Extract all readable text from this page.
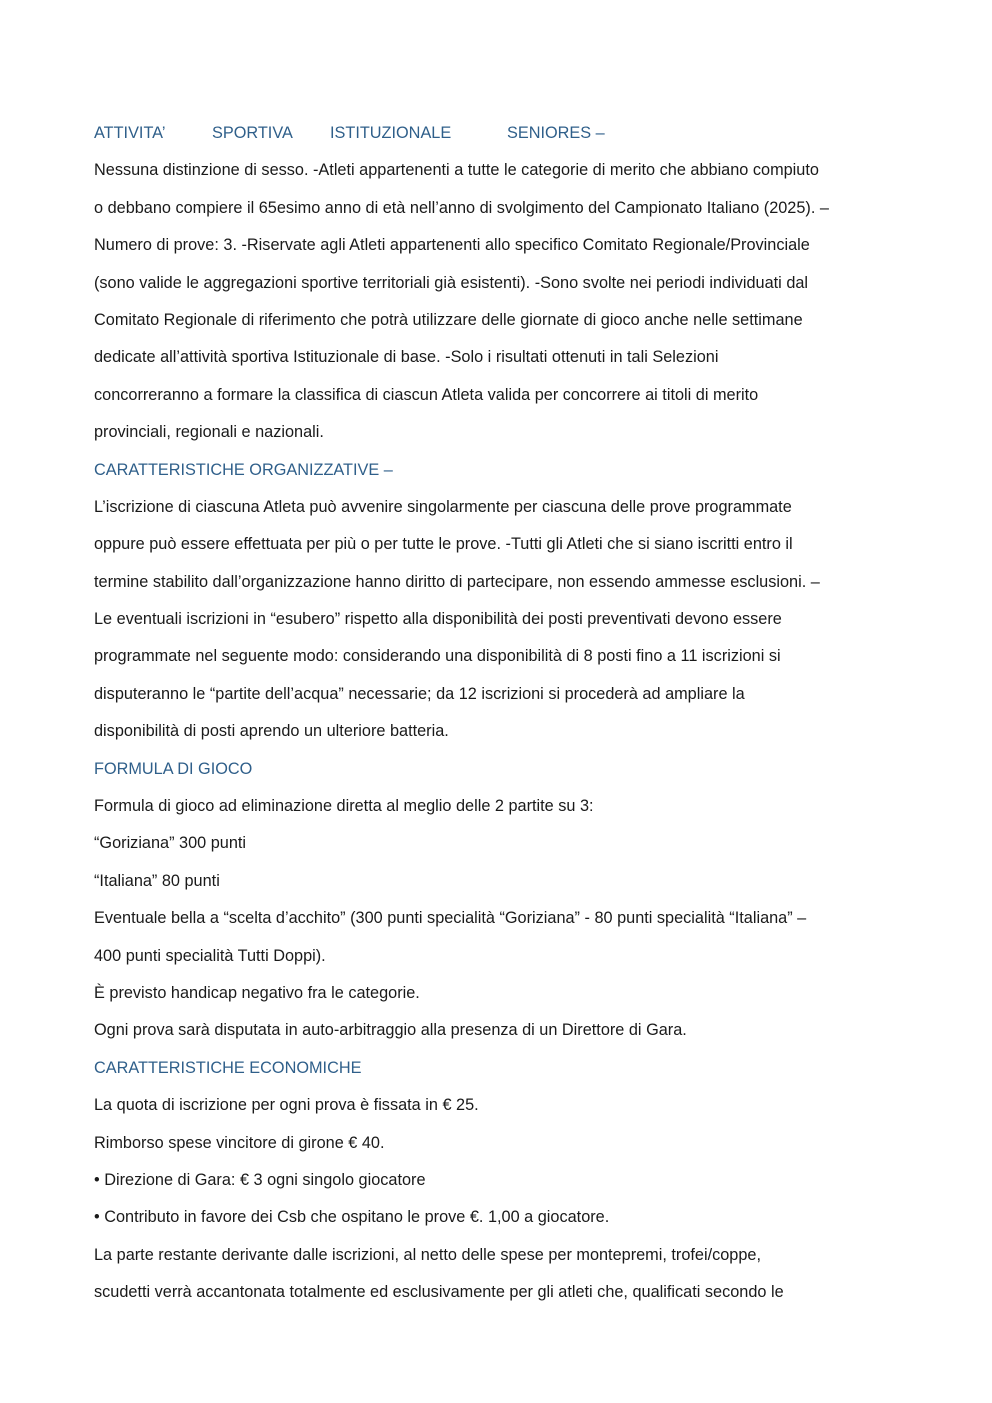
ATTIVITA’	SPORTIVA	ISTITUZIONALE	SENIORES –
Nessuna distinzione di sesso. -Atleti appartenenti a tutte le categorie di merito che abbiano compiuto
o debbano compiere il 65esimo anno di età nell’anno di svolgimento del Campionato Italiano (2025). –
Numero di prove: 3. -Riservate agli Atleti appartenenti allo specifico Comitato Regionale/Provinciale
(sono valide le aggregazioni sportive territoriali già esistenti). -Sono svolte nei periodi individuati dal
Comitato Regionale di riferimento che potrà utilizzare delle giornate di gioco anche nelle settimane
dedicate all’attività sportiva Istituzionale di base. -Solo i risultati ottenuti in tali Selezioni
concorreranno a formare la classifica di ciascun Atleta valida per concorrere ai titoli di merito
provinciali, regionali e nazionali.
CARATTERISTICHE ORGANIZZATIVE –
L’iscrizione di ciascuna Atleta può avvenire singolarmente per ciascuna delle prove programmate
oppure può essere effettuata per più o per tutte le prove. -Tutti gli Atleti che si siano iscritti entro il
termine stabilito dall’organizzazione hanno diritto di partecipare, non essendo ammesse esclusioni. –
Le eventuali iscrizioni in “esubero” rispetto alla disponibilità dei posti preventivati devono essere
programmate nel seguente modo: considerando una disponibilità di 8 posti fino a 11 iscrizioni si
disputeranno le “partite dell’acqua” necessarie; da 12 iscrizioni si procederà ad ampliare la
disponibilità di posti aprendo un ulteriore batteria.
FORMULA DI GIOCO
Formula di gioco ad eliminazione diretta al meglio delle 2 partite su 3:
“Goriziana” 300 punti
“Italiana” 80 punti
Eventuale bella a “scelta d’acchito” (300 punti specialità “Goriziana” - 80 punti specialità “Italiana” –
400 punti specialità Tutti Doppi).
È previsto handicap negativo fra le categorie.
Ogni prova sarà disputata in auto-arbitraggio alla presenza di un Direttore di Gara.
CARATTERISTICHE ECONOMICHE
La quota di iscrizione per ogni prova è fissata in € 25.
Rimborso spese vincitore di girone € 40.
• Direzione di Gara: € 3 ogni singolo giocatore
• Contributo in favore dei Csb che ospitano le prove €. 1,00 a giocatore.
La parte restante derivante dalle iscrizioni, al netto delle spese per montepremi, trofei/coppe,
scudetti verrà accantonata totalmente ed esclusivamente per gli atleti che, qualificati secondo le
